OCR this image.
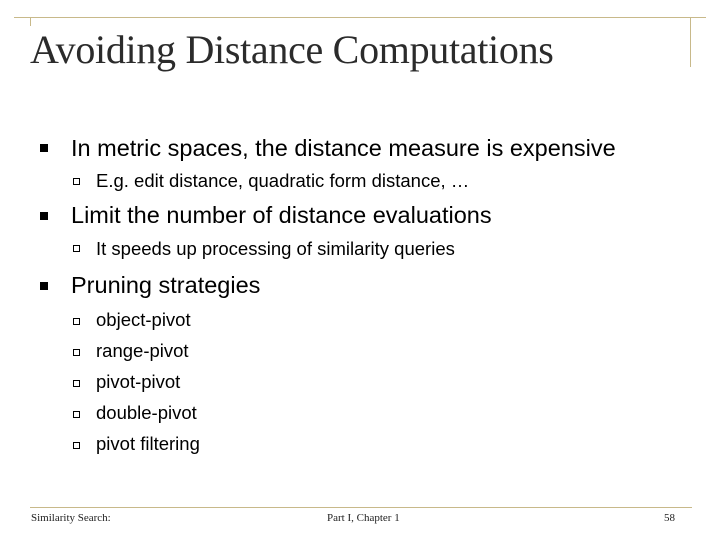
Avoiding Distance Computations
In metric spaces, the distance measure is expensive
E.g. edit distance, quadratic form distance, …
Limit the number of distance evaluations
It speeds up processing of similarity queries
Pruning strategies
object-pivot
range-pivot
pivot-pivot
double-pivot
pivot filtering
Similarity Search:	Part I, Chapter 1	58
